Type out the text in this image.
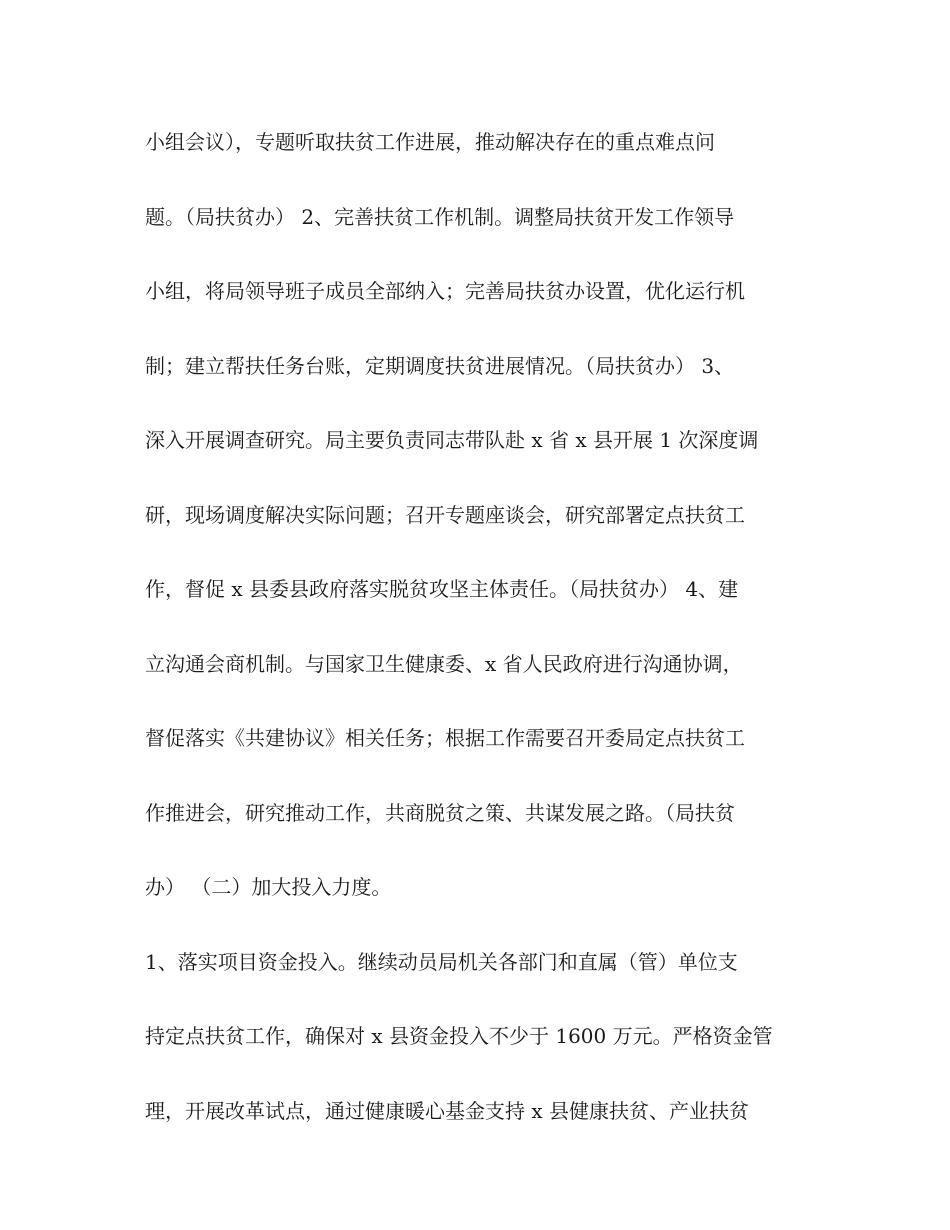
小组会议），专题听取扶贫工作进展，推动解决存在的重点难点问
题。（局扶贫办） 2、完善扶贫工作机制。调整局扶贫开发工作领导
小组，将局领导班子成员全部纳入；完善局扶贫办设置，优化运行机
制；建立帮扶任务台账，定期调度扶贫进展情况。（局扶贫办） 3、
深入开展调查研究。局主要负责同志带队赴 x 省 x 县开展 1 次深度调
研，现场调度解决实际问题；召开专题座谈会，研究部署定点扶贫工
作，督促 x 县委县政府落实脱贫攻坚主体责任。（局扶贫办） 4、建
立沟通会商机制。与国家卫生健康委、x 省人民政府进行沟通协调，
督促落实《共建协议》相关任务；根据工作需要召开委局定点扶贫工
作推进会，研究推动工作，共商脱贫之策、共谋发展之路。（局扶贫
办） （二）加大投入力度。
1、落实项目资金投入。继续动员局机关各部门和直属（管）单位支
持定点扶贫工作，确保对 x 县资金投入不少于 1600 万元。严格资金管
理，开展改革试点，通过健康暖心基金支持 x 县健康扶贫、产业扶贫
